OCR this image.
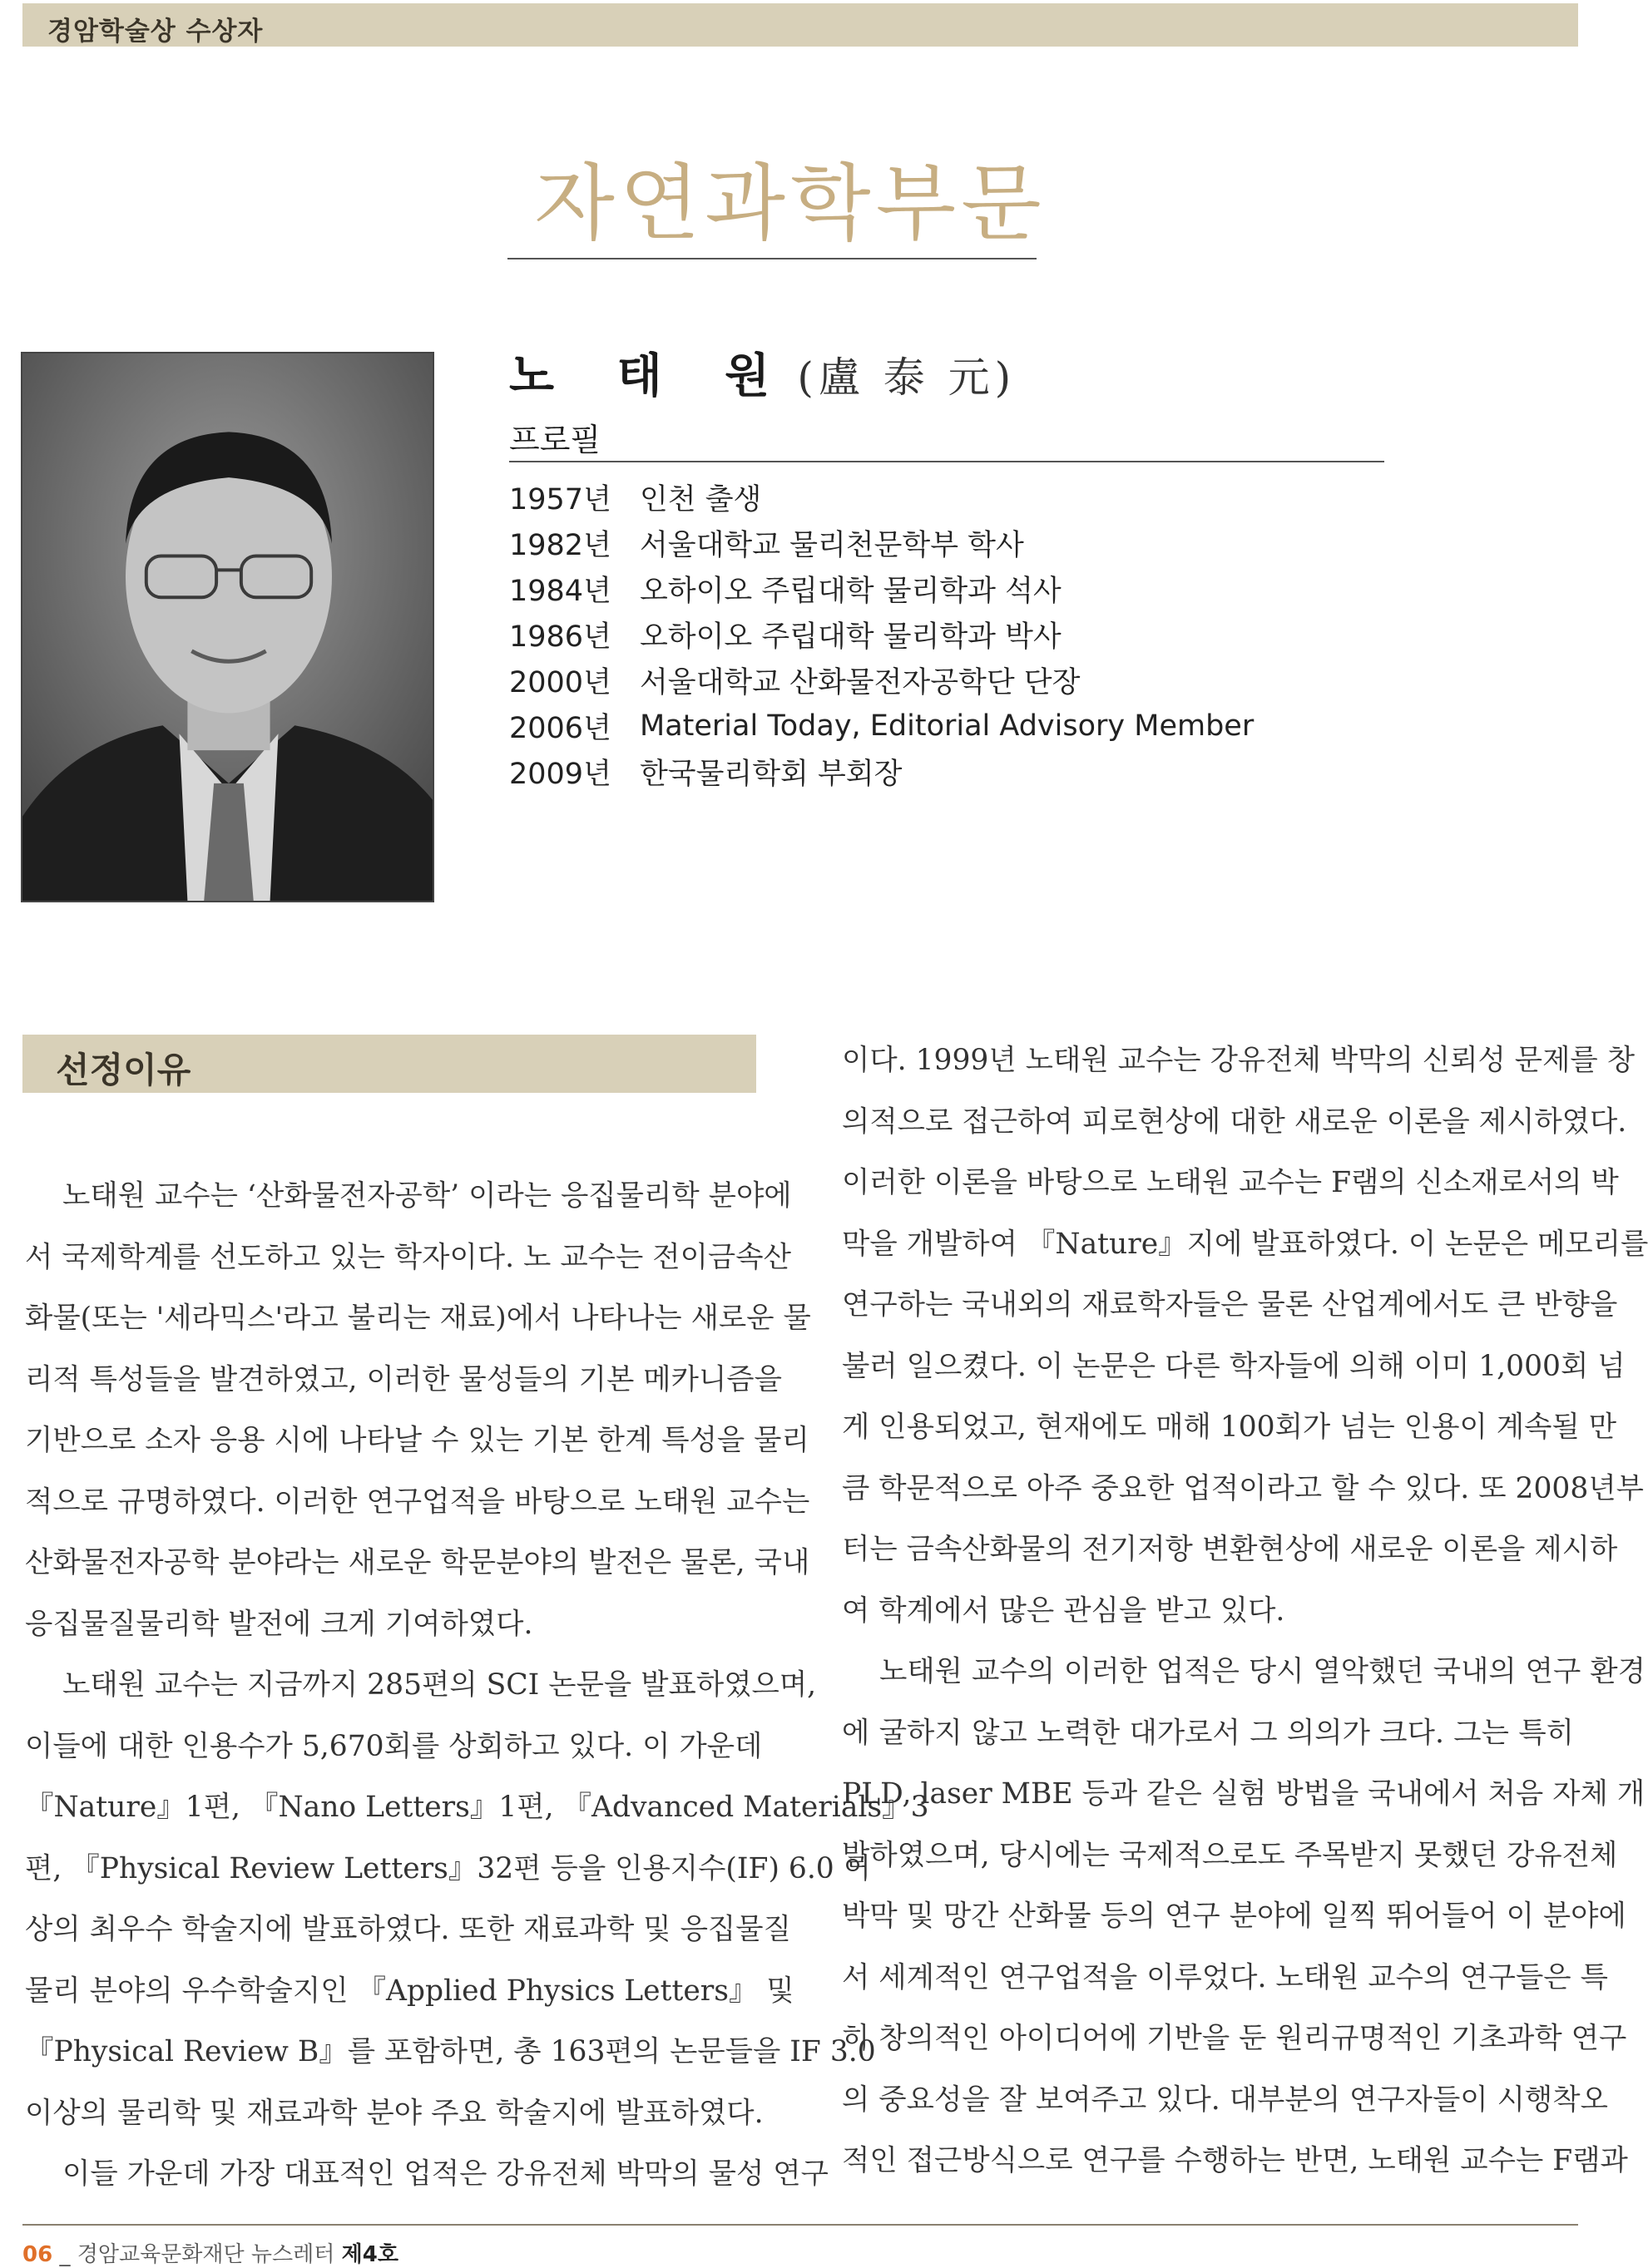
경암학술상 수상자
자연과학부문
노 태 원 (盧 泰 元)
프로필
1957년 인천 출생
1982년 서울대학교 물리천문학부 학사
1984년 오하이오 주립대학 물리학과 석사
1986년 오하이오 주립대학 물리학과 박사
2000년 서울대학교 산화물전자공학단 단장
2006년 Material Today, Editorial Advisory Member
2009년 한국물리학회 부회장
선정이유
노태원 교수는 ‘산화물전자공학’ 이라는 응집물리학 분야에
서 국제학계를 선도하고 있는 학자이다. 노 교수는 전이금속산
화물(또는 '세라믹스'라고 불리는 재료)에서 나타나는 새로운 물
리적 특성들을 발견하였고, 이러한 물성들의 기본 메카니즘을
기반으로 소자 응용 시에 나타날 수 있는 기본 한계 특성을 물리
적으로 규명하였다. 이러한 연구업적을 바탕으로 노태원 교수는
산화물전자공학 분야라는 새로운 학문분야의 발전은 물론, 국내
응집물질물리학 발전에 크게 기여하였다.
노태원 교수는 지금까지 285편의 SCI 논문을 발표하였으며,
이들에 대한 인용수가 5,670회를 상회하고 있다. 이 가운데
『Nature』1편, 『Nano Letters』1편, 『Advanced Materials』3
편, 『Physical Review Letters』32편 등을 인용지수(IF) 6.0 이
상의 최우수 학술지에 발표하였다. 또한 재료과학 및 응집물질
물리 분야의 우수학술지인 『Applied Physics Letters』 및
『Physical Review B』를 포함하면, 총 163편의 논문들을 IF 3.0
이상의 물리학 및 재료과학 분야 주요 학술지에 발표하였다.
이들 가운데 가장 대표적인 업적은 강유전체 박막의 물성 연구
이다. 1999년 노태원 교수는 강유전체 박막의 신뢰성 문제를 창
의적으로 접근하여 피로현상에 대한 새로운 이론을 제시하였다.
이러한 이론을 바탕으로 노태원 교수는 F램의 신소재로서의 박
막을 개발하여 『Nature』지에 발표하였다. 이 논문은 메모리를
연구하는 국내외의 재료학자들은 물론 산업계에서도 큰 반향을
불러 일으켰다. 이 논문은 다른 학자들에 의해 이미 1,000회 넘
게 인용되었고, 현재에도 매해 100회가 넘는 인용이 계속될 만
큼 학문적으로 아주 중요한 업적이라고 할 수 있다. 또 2008년부
터는 금속산화물의 전기저항 변환현상에 새로운 이론을 제시하
여 학계에서 많은 관심을 받고 있다.
노태원 교수의 이러한 업적은 당시 열악했던 국내의 연구 환경
에 굴하지 않고 노력한 대가로서 그 의의가 크다. 그는 특히
PLD, laser MBE 등과 같은 실험 방법을 국내에서 처음 자체 개
발하였으며, 당시에는 국제적으로도 주목받지 못했던 강유전체
박막 및 망간 산화물 등의 연구 분야에 일찍 뛰어들어 이 분야에
서 세계적인 연구업적을 이루었다. 노태원 교수의 연구들은 특
히 창의적인 아이디어에 기반을 둔 원리규명적인 기초과학 연구
의 중요성을 잘 보여주고 있다. 대부분의 연구자들이 시행착오
적인 접근방식으로 연구를 수행하는 반면, 노태원 교수는 F램과
06 _ 경암교육문화재단 뉴스레터 제4호
